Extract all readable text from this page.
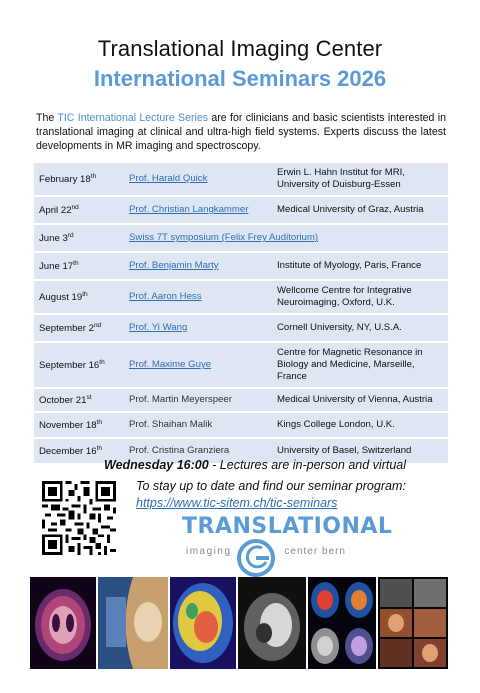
Translational Imaging Center
International Seminars 2026
The TIC International Lecture Series are for clinicians and basic scientists interested in translational imaging at clinical and ultra-high field systems. Experts discuss the latest developments in MR imaging and spectroscopy.
February 18th	Prof. Harald Quick	Erwin L. Hahn Institut for MRI, University of Duisburg-Essen
April 22nd	Prof. Christian Langkammer	Medical University of Graz, Austria
June 3rd	Swiss 7T symposium (Felix Frey Auditorium)	
June 17th	Prof. Benjamin Marty	Institute of Myology, Paris, France
August 19th	Prof. Aaron Hess	Wellcome Centre for Integrative Neuroimaging, Oxford, U.K.
September 2nd	Prof. Yi Wang	Cornell University, NY, U.S.A.
September 16th	Prof. Maxime Guye	Centre for Magnetic Resonance in Biology and Medicine, Marseille, France
October 21st	Prof. Martin Meyerspeer	Medical University of Vienna, Austria
November 18th	Prof. Shaihan Malik	Kings College London, U.K.
December 16th	Prof. Cristina Granziera	University of Basel, Switzerland
Wednesday 16:00 - Lectures are in-person and virtual
To stay up to date and find our seminar program:
https://www.tic-sitem.ch/tic-seminars
TRANSLATIONAL
imaging	center bern
